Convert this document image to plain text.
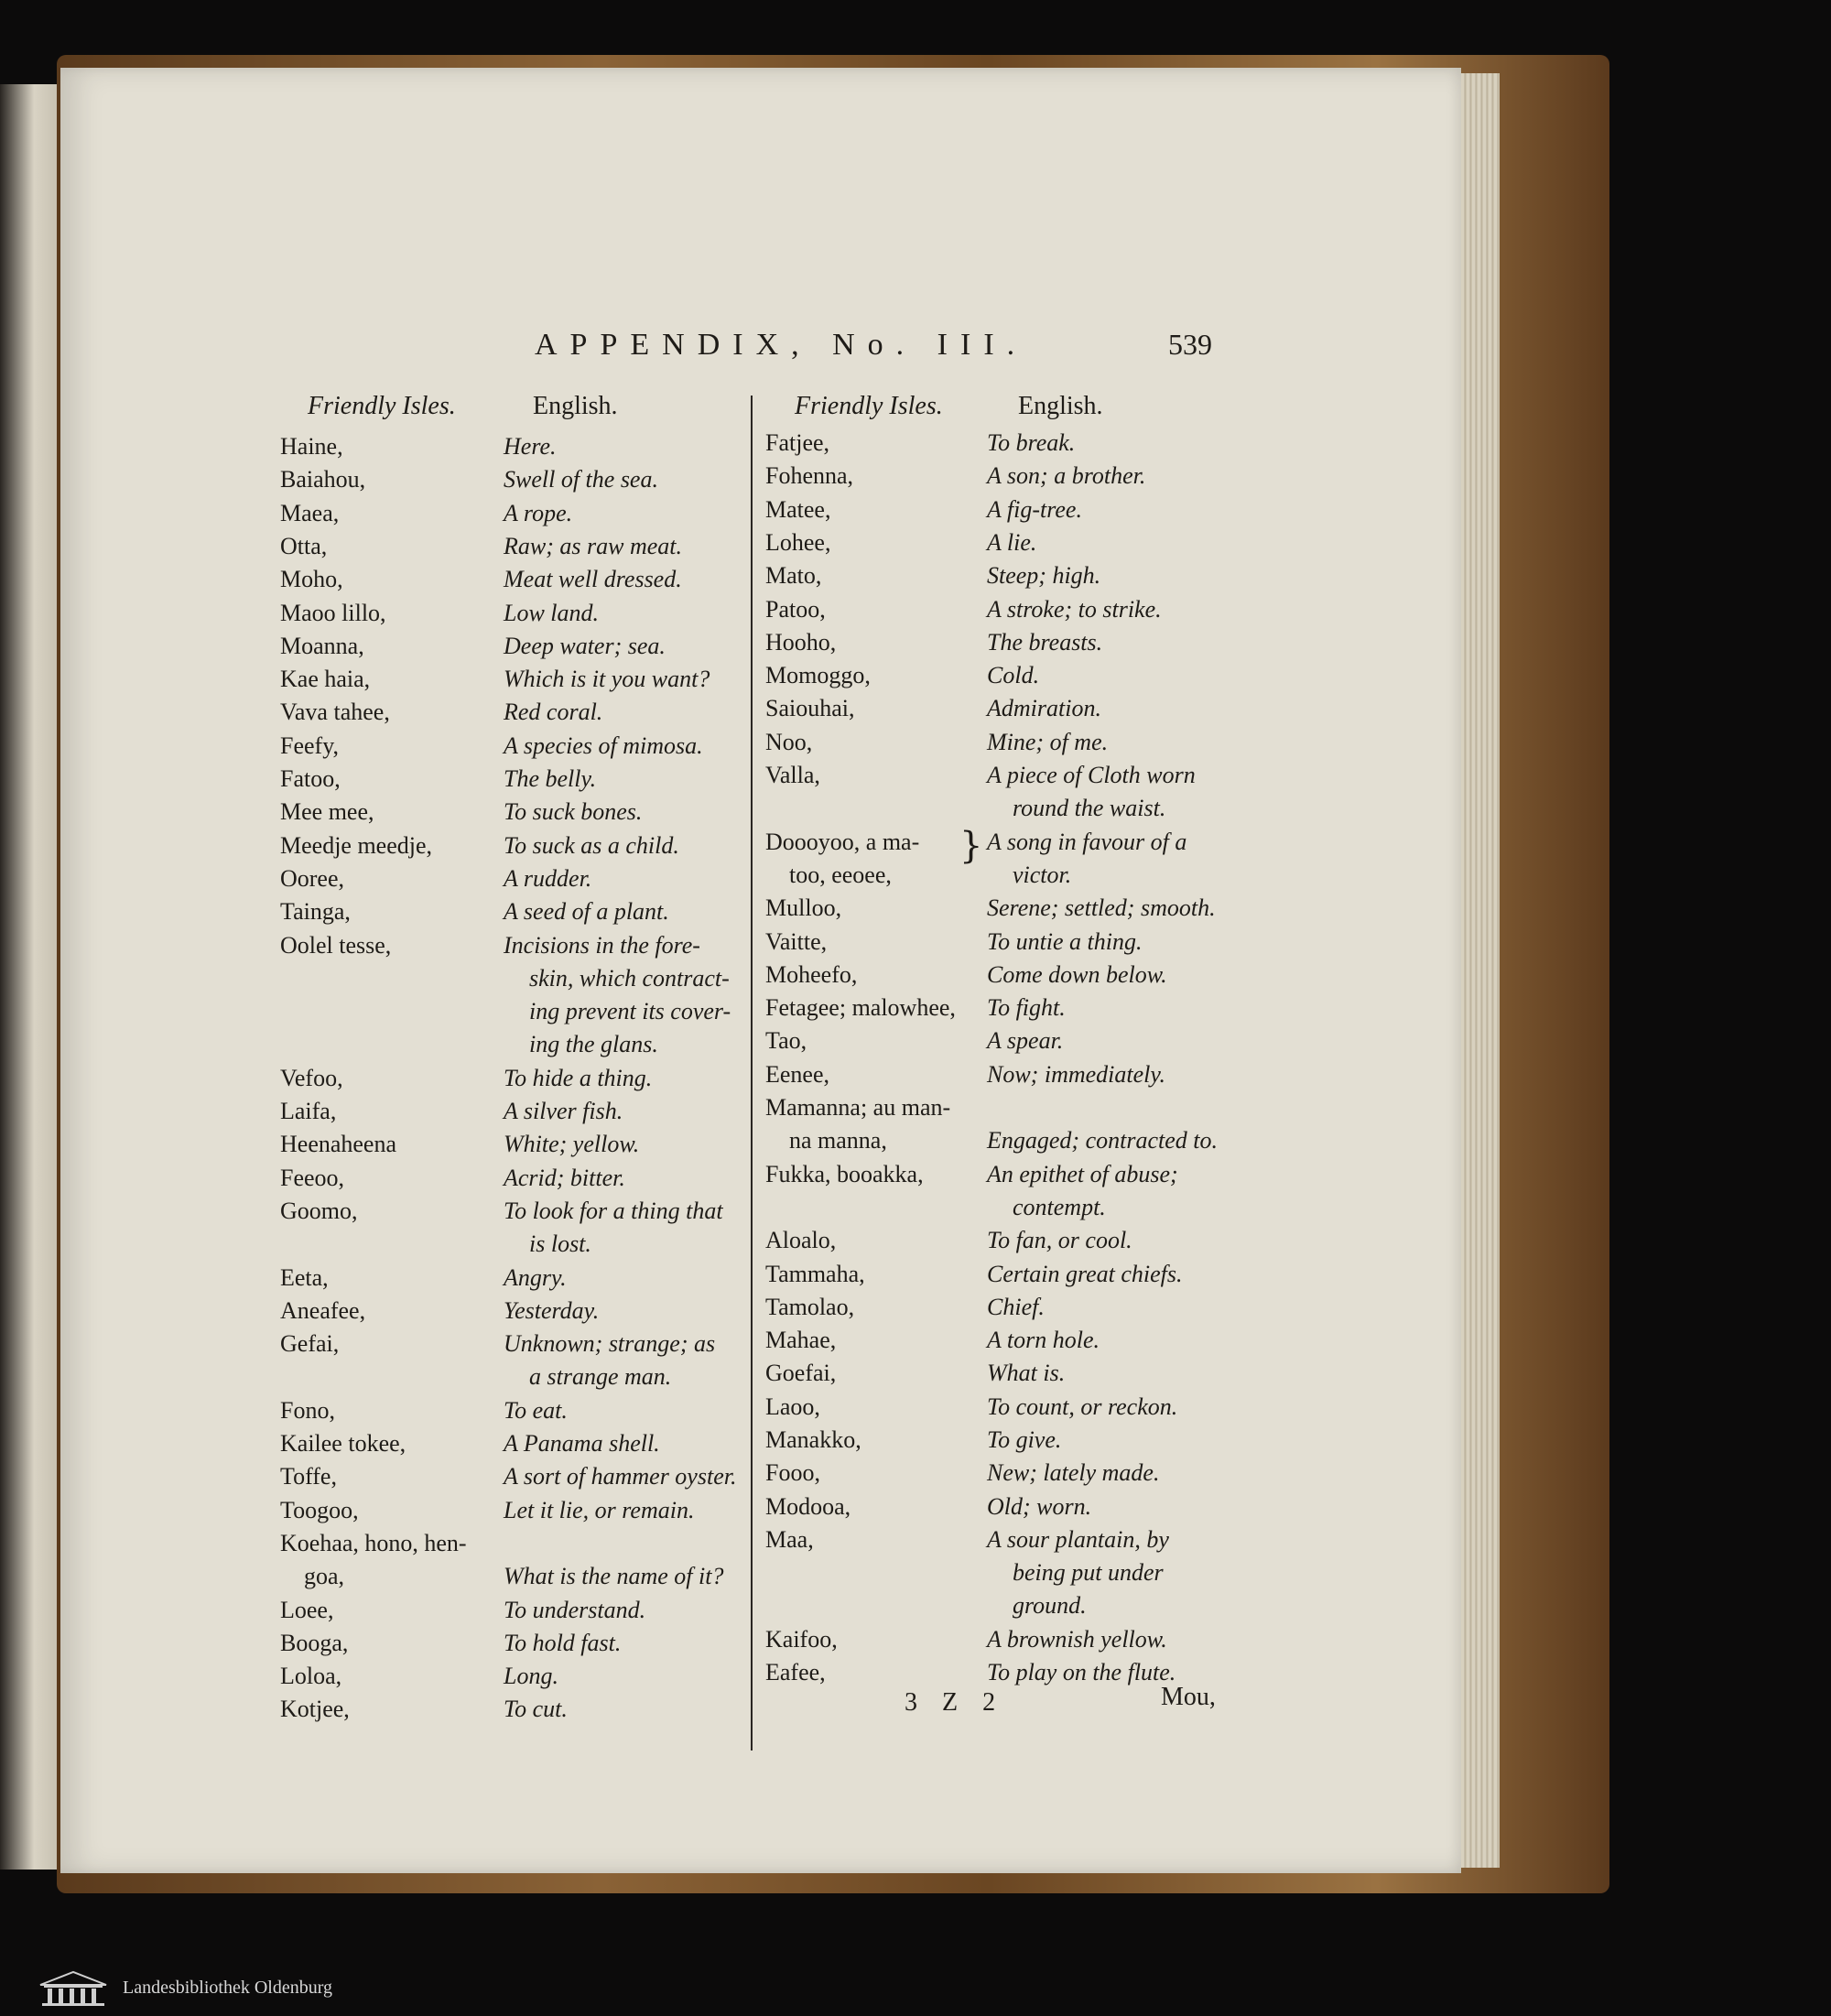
APPENDIX, No. III.	539
Friendly Isles.	English.	Friendly Isles.	English.
Haine,	Here.
Baiahou,	Swell of the sea.
Maea,	A rope.
Otta,	Raw; as raw meat.
Moho,	Meat well dressed.
Maoo lillo,	Low land.
Moanna,	Deep water; sea.
Kae haia,	Which is it you want?
Vava tahee,	Red coral.
Feefy,	A species of mimosa.
Fatoo,	The belly.
Mee mee,	To suck bones.
Meedje meedje,	To suck as a child.
Ooree,	A rudder.
Tainga,	A seed of a plant.
Oolel tesse,	Incisions in the fore-
skin, which contract-
ing prevent its cover-
ing the glans.
Vefoo,	To hide a thing.
Laifa,	A silver fish.
Heenaheena	White; yellow.
Feeoo,	Acrid; bitter.
Goomo,	To look for a thing that
is lost.
Eeta,	Angry.
Aneafee,	Yesterday.
Gefai,	Unknown; strange; as
a strange man.
Fono,	To eat.
Kailee tokee,	A Panama shell.
Toffe,	A sort of hammer oyster.
Toogoo,	Let it lie, or remain.
Koehaa, hono, hen-
goa,	What is the name of it?
Loee,	To understand.
Booga,	To hold fast.
Loloa,	Long.
Kotjee,	To cut.
Fatjee,	To break.
Fohenna,	A son; a brother.
Matee,	A fig-tree.
Lohee,	A lie.
Mato,	Steep; high.
Patoo,	A stroke; to strike.
Hooho,	The breasts.
Momoggo,	Cold.
Saiouhai,	Admiration.
Noo,	Mine; of me.
Valla,	A piece of Cloth worn
round the waist.
Doooyoo, a ma-
too, eeoee,
A song in favour of a
victor.
}
Mulloo,	Serene; settled; smooth.
Vaitte,	To untie a thing.
Moheefo,	Come down below.
Fetagee; malowhee, To fight.
Tao,	A spear.
Eenee,	Now; immediately.
Mamanna; au man-
na manna,	Engaged; contracted to.
Fukka, booakka,	An epithet of abuse;
contempt.
Aloalo,	To fan, or cool.
Tammaha,	Certain great chiefs.
Tamolao,	Chief.
Mahae,	A torn hole.
Goefai,	What is.
Laoo,	To count, or reckon.
Manakko,	To give.
Fooo,	New; lately made.
Modooa,	Old; worn.
Maa,	A sour plantain, by
being put under
ground.
Kaifoo,	A brownish yellow.
Eafee,	To play on the flute.
3 Z 2	Mou,
Landesbibliothek Oldenburg
